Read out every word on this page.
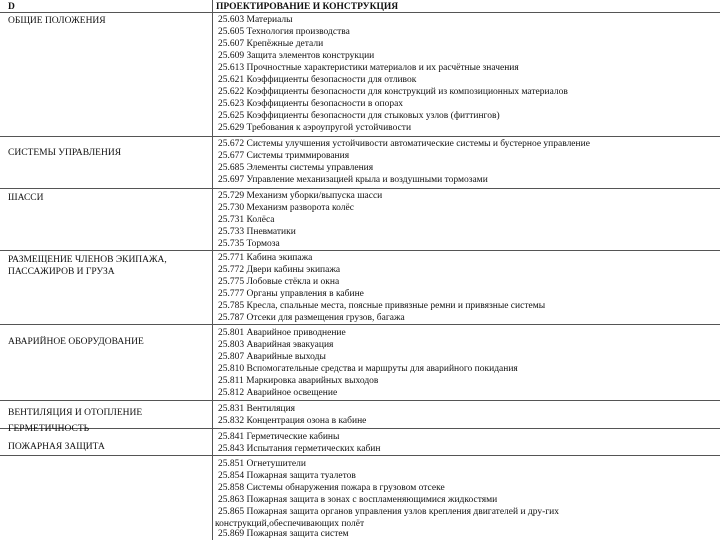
D	ПРОЕКТИРОВАНИЕ И КОНСТРУКЦИЯ
ОБЩИЕ ПОЛОЖЕНИЯ
СИСТЕМЫ УПРАВЛЕНИЯ
ШАССИ
РАЗМЕЩЕНИЕ ЧЛЕНОВ ЭКИПАЖА,
ПАССАЖИРОВ И ГРУЗА
АВАРИЙНОЕ ОБОРУДОВАНИЕ
ВЕНТИЛЯЦИЯ И ОТОПЛЕНИЕ
ГЕРМЕТИЧНОСТЬ
ПОЖАРНАЯ ЗАЩИТА
25.603 Материалы
25.605 Технология производства
25.607 Крепёжные детали
25.609 Защита элементов конструкции
25.613 Прочностные характеристики материалов и их расчётные значения
25.621 Коэффициенты безопасности для отливок
25.622 Коэффициенты безопасности для конструкций из композиционных материалов
25.623 Коэффициенты безопасности в опорах
25.625 Коэффициенты безопасности для стыковых узлов (фиттингов)
25.629 Требования к аэроупругой устойчивости
25.672 Системы улучшения устойчивости автоматические системы и бустерное управление
25.677 Системы триммирования
25.685 Элементы системы управления
25.697 Управление механизацией крыла и воздушными тормозами
25.729 Механизм уборки/выпуска шасси
25.730 Механизм разворота колёс
25.731 Колёса
25.733 Пневматики
25.735 Тормоза
25.771 Кабина экипажа
25.772 Двери кабины экипажа
25.775 Лобовые стёкла и окна
25.777 Органы управления в кабине
25.785 Кресла, спальные места, поясные привязные ремни и привязные системы
25.787 Отсеки для размещения грузов, багажа
25.801 Аварийное приводнение
25.803 Аварийная эвакуация
25.807 Аварийные выходы
25.810 Вспомогательные средства и маршруты для аварийного покидания
25.811 Маркировка аварийных выходов
25.812 Аварийное освещение
25.831 Вентиляция
25.832 Концентрация озона в кабине
25.841 Герметические кабины
25.843 Испытания герметических кабин
25.851 Огнетушители
25.854 Пожарная защита туалетов
25.858 Системы обнаружения пожара в грузовом отсеке
25.863 Пожарная защита в зонах с воспламеняющимися жидкостями
25.865 Пожарная защита органов управления узлов крепления двигателей и дру-гих
конструкций,обеспечивающих полёт
25.869 Пожарная защита систем
